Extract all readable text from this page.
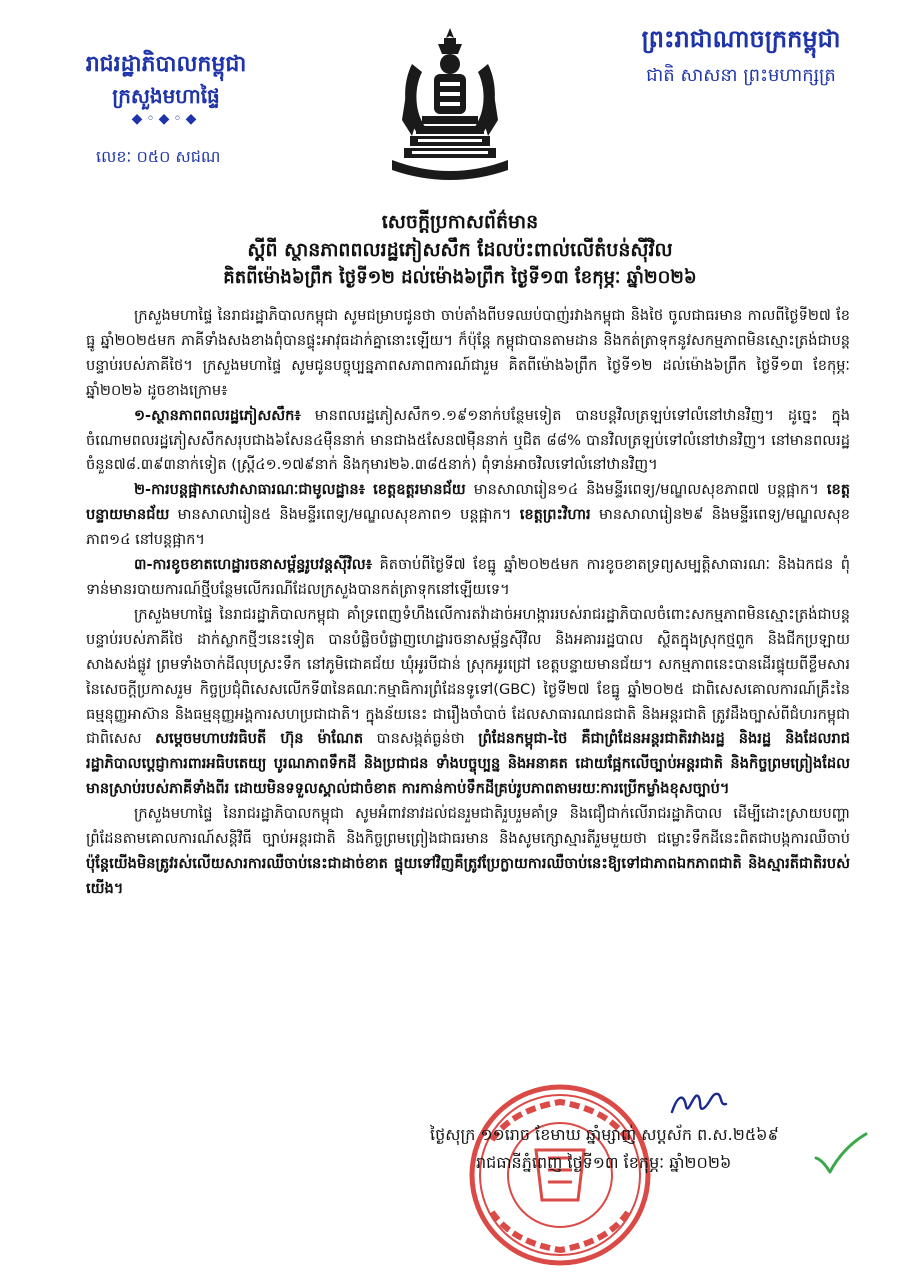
រាជរដ្ឋាភិបាលកម្ពុជា
ក្រសួងមហាផ្ទៃ
◆◦◆◦◆
លេខៈ ០៥០ សជណ
ព្រះរាជាណាចក្រកម្ពុជា
ជាតិ សាសនា ព្រះមហាក្សត្រ
សេចក្តីប្រកាសព័ត៌មាន
ស្តីពី ស្ថានភាពពលរដ្ឋភៀសសឹក ដែលប៉ះពាល់លើតំបន់ស៊ីវិល
គិតពីម៉ោង៦ព្រឹក ថ្ងៃទី១២ ដល់ម៉ោង៦ព្រឹក ថ្ងៃទី១៣ ខែកុម្ភៈ ឆ្នាំ២០២៦

ក្រសួងមហាផ្ទៃ នៃរាជរដ្ឋាភិបាលកម្ពុជា សូមជម្រាបជូនថា ចាប់តាំងពីបទឈប់បាញ់រវាងកម្ពុជា និងថៃ ចូលជាធរមាន កាលពីថ្ងៃទី២៧ ខែធ្នូ ឆ្នាំ២០២៥មក ភាគីទាំងសងខាងពុំបានផ្ទុះអាវុធដាក់គ្នានោះឡើយ។ ក៏ប៉ុន្តែ កម្ពុជាបានតាមដាន និងកត់ត្រាទុកនូវសកម្មភាពមិនស្មោះត្រង់ជាបន្តបន្ទាប់របស់ភាគីថៃ។ ក្រសួងមហាផ្ទៃ សូមជូនបច្ចុប្បន្នភាពសភាពការណ៍ជារួម គិតពីម៉ោង៦ព្រឹក ថ្ងៃទី១២ ដល់ម៉ោង៦ព្រឹក ថ្ងៃទី១៣ ខែកុម្ភៈ ឆ្នាំ២០២៦ ដូចខាងក្រោម៖

១-ស្ថានភាពពលរដ្ឋភៀសសឹក៖ មានពលរដ្ឋភៀសសឹក១.១៩១នាក់បន្ថែមទៀត បានបន្តវិលត្រឡប់ទៅលំនៅឋានវិញ។ ដូច្នេះ ក្នុងចំណោមពលរដ្ឋភៀសសឹកសរុបជាង៦សែន៤ម៉ឺននាក់ មានជាង៥សែន៧ម៉ឺននាក់ ឬជិត ៨៨% បានវិលត្រឡប់ទៅលំនៅឋានវិញ។ នៅមានពលរដ្ឋចំនួន៧៨.៣៩៣នាក់ទៀត (ស្ត្រី៤១.១៧៩នាក់ និងកុមារ២៦.៣៨៥នាក់) ពុំទាន់អាចវិលទៅលំនៅឋានវិញ។

២-ការបន្តផ្អាកសេវាសាធារណៈជាមូលដ្ឋាន៖ ខេត្តឧត្តរមានជ័យ មានសាលារៀន១៤ និងមន្ទីរពេទ្យ/មណ្ឌលសុខភាព៧ បន្តផ្អាក។ ខេត្តបន្ទាយមានជ័យ មានសាលារៀន៥ និងមន្ទីរពេទ្យ/មណ្ឌលសុខភាព១ បន្តផ្អាក។ ខេត្តព្រះវិហារ មានសាលារៀន២៩ និងមន្ទីរពេទ្យ/មណ្ឌលសុខភាព១៤ នៅបន្តផ្អាក។

៣-ការខូចខាតហេដ្ឋារចនាសម្ព័ន្ធរូបវន្តស៊ីវិល៖ គិតចាប់ពីថ្ងៃទី៧ ខែធ្នូ ឆ្នាំ២០២៥មក ការខូចខាតទ្រព្យសម្បត្តិសាធារណៈ និងឯកជន ពុំទាន់មានរបាយការណ៍ថ្មីបន្ថែមលើករណីដែលក្រសួងបានកត់ត្រាទុកនៅឡើយទេ។

ក្រសួងមហាផ្ទៃ នៃរាជរដ្ឋាភិបាលកម្ពុជា គាំទ្រពេញទំហឹងលើការតវ៉ាដាច់អហង្ការរបស់រាជរដ្ឋាភិបាលចំពោះសកម្មភាពមិនស្មោះត្រង់ជាបន្តបន្ទាប់របស់ភាគីថៃ ដាក់ស្លាកថ្មីៗនេះទៀត បានបំផ្លិចបំផ្លាញហេដ្ឋារចនាសម្ព័ន្ធស៊ីវិល និងអគាររដ្ឋបាល ស្ថិតក្នុងស្រុកថ្មពួក និងជីកប្រឡាយ សាងសង់ផ្លូវ ព្រមទាំងចាក់ដីលុបស្រះទឹក នៅភូមិជោគជ័យ ឃុំអូរបីជាន់ ស្រុកអូរជ្រៅ ខេត្តបន្ទាយមានជ័យ។ សកម្មភាពនេះបានដើរផ្ទុយពីខ្លឹមសារនៃសេចក្តីប្រកាសរួម កិច្ចប្រជុំពិសេសលើកទី៣នៃគណៈកម្មាធិការព្រំដែនទូទៅ(GBC) ថ្ងៃទី២៧ ខែធ្នូ ឆ្នាំ២០២៥ ជាពិសេសគោលការណ៍គ្រឹះនៃធម្មនុញ្ញអាស៊ាន និងធម្មនុញ្ញអង្គការសហប្រជាជាតិ។ ក្នុងន័យនេះ ជារឿងចាំបាច់ ដែលសាធារណជនជាតិ និងអន្តរជាតិ ត្រូវដឹងច្បាស់ពីជំហរកម្ពុជា ជាពិសេស សម្តេចមហាបវរធិបតី ហ៊ុន ម៉ាណែត បានសង្កត់ធ្ងន់ថា ព្រំដែនកម្ពុជា-ថៃ គឺជាព្រំដែនអន្តរជាតិរវាងរដ្ឋ និងរដ្ឋ និងដែលរាជរដ្ឋាភិបាលប្តេជ្ញាការពារអធិបតេយ្យ បូរណភាពទឹកដី និងប្រជាជន ទាំងបច្ចុប្បន្ន និងអនាគត ដោយផ្អែកលើច្បាប់អន្តរជាតិ និងកិច្ចព្រមព្រៀងដែលមានស្រាប់របស់ភាគីទាំងពីរ ដោយមិនទទួលស្គាល់ជាចំខាត ការកាន់កាប់ទឹកដីគ្រប់រូបភាពតាមរយៈការប្រើកម្លាំងខុសច្បាប់។

ក្រសួងមហាផ្ទៃ នៃរាជរដ្ឋាភិបាលកម្ពុជា សូមអំពាវនាវដល់ជនរួមជាតិរួបរួមគាំទ្រ និងជឿជាក់លើរាជរដ្ឋាភិបាល ដើម្បីដោះស្រាយបញ្ហាព្រំដែនតាមគោលការណ៍សន្តិវិធី ច្បាប់អន្តរជាតិ និងកិច្ចព្រមព្រៀងជាធរមាន និងសូមក្សោស្មារតីរួមមួយថា ជម្លោះទឹកដីនេះពិតជាបង្កការឈឺចាប់ ប៉ុន្តែយើងមិនត្រូវរស់លើយសារការឈឺចាប់នេះជាដាច់ខាត ផ្ទុយទៅវិញគឺត្រូវប្រែក្លាយការឈឺចាប់នេះឱ្យទៅជាភាពឯកភាពជាតិ និងស្មារតីជាតិរបស់យើង។

ថ្ងៃសុក្រ ១១រោច ខែមាឃ ឆ្នាំម្សាញ់ សប្តស័ក ព.ស.២៥៦៩
រាជធានីភ្នំពេញ ថ្ងៃទី១៣ ខែកុម្ភៈ ឆ្នាំ២០២៦
